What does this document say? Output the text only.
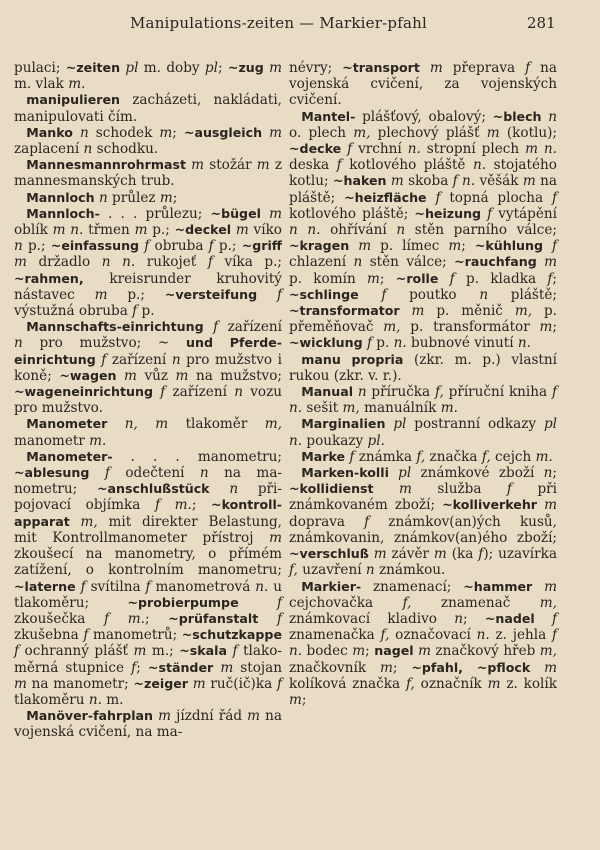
Manipulations-zeiten — Markier-pfahl	281

pulaci; ~zeiten pl m. doby pl; ~zug m m. vlak m.

manipulieren zacházeti, nakládati, manipulovati čím.

Manko n schodek m; ~ausgleich m zaplacení n schodku.

Mannesmannrohrmast m stožár m z mannesmanských trub.

Mannloch n průlez m;

Mannloch- . . . průlezu; ~bügel m oblík m n. třmen m p.; ~deckel m víko n p.; ~einfassung f obruba f p.; ~griff m držadlo n n. rukojeť f víka p.; ~rahmen, kreisrunder kruhovitý nástavec m p.; ~versteifung f výstužná obruba f p.

Mannschafts-einrichtung f zařízení n pro mužstvo; ~ und Pferdeeinrichtung f zařízení n pro mužstvo i koně; ~wagen m vůz m na mužstvo; ~wageneinrichtung f zařízení n vozu pro mužstvo.

Manometer n, m tlakoměr m, manometr m.

Manometer- . . . manometru; ~ablesung f odečtení n na manometru; ~anschlußstück n připojovací objímka f m.; ~kontrollapparat m, mit direkter Belastung, mit Kontrollmanometer přístroj m zkoušecí na manometry, o přímém zatížení, o kontrolním manometru; ~laterne f svítilna f manometrová n. u tlakoměru; ~probierpumpe	f zkoušečka f m.; ~prüfanstalt f zkušebna f manometrů; ~schutzkappe f ochranný plášť m m.; ~skala f tlakoměrná stupnice f; ~ständer m stojan m na manometr; ~zeiger m ruč(ič)ka f tlakoměru n. m.

Manöver-fahrplan m jízdní řád m na vojenská cvičení, na ma-

névry; ~transport m přeprava f na vojenská cvičení, za vojenských cvičení.

Mantel- plášťový, obalový; ~blech n o. plech m, plechový plášť m (kotlu); ~decke f vrchní n. stropní plech m n. deska f kotlového pláště n. stojatého kotlu; ~haken m skoba f n. věšák m na pláště; ~heizfläche f topná plocha f kotlového pláště; ~heizung f vytápění n n. ohřívání n stěn parního válce; ~kragen m p. límec m; ~kühlung f chlazení n stěn válce; ~rauchfang m p. komín m; ~rolle f p. kladka f; ~schlinge f poutko n pláště; ~transformator m p. měnič m, p. přeměňovač m, p. transformátor m; ~wicklung f p. n. bubnové vinutí n.

manu propria (zkr. m. p.) vlastní rukou (zkr. v. r.).

Manual n příručka f, příruční kniha f n. sešit m, manuálník m.

Marginalien pl postranní odkazy pl n. poukazy pl.

Marke f známka f, značka f, cejch m.

Marken-kolli pl známkové zboží n; ~kollidienst m služba f při známkovaném zboží; ~kolliverkehr m doprava f známkov(an)ých kusů, známkovanin, známkov(an)ého zboží; ~verschluß m závěr m (ka f); uzavírka f, uzavření n známkou.

Markier- znamenací; ~hammer m cejchovačka f, znamenač m, známkovací kladivo n; ~nadel f znamenačka f, označovací n. z. jehla f n. bodec m; nagel m značkový hřeb m, značkovník m; ~pfahl, ~pflock m kolíková značka f, označník m z. kolík m;
